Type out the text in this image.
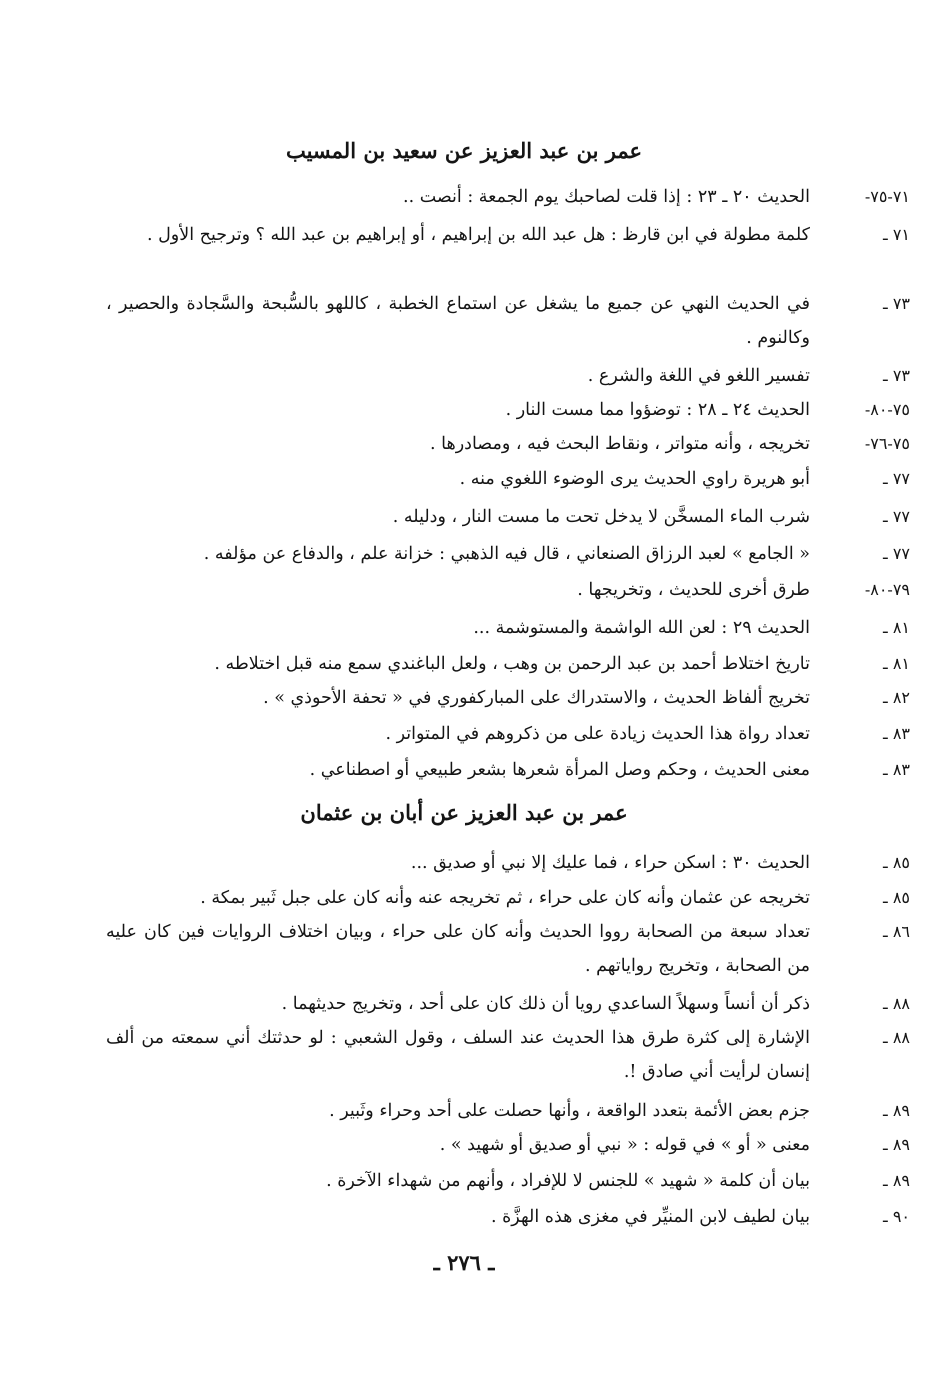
عمر بن عبد العزيز عن سعيد بن المسيب
عمر بن عبد العزيز عن أبان بن عثمان
٧١-٧٥-
الحديث ٢٠ ـ ٢٣ : إذا قلت لصاحبك يوم الجمعة : أنصت ..
٧١ ـ
كلمة مطولة في ابن قارظ : هل عبد الله بن إبراهيم ، أو إبراهيم بن عبد الله ؟ وترجيح الأول .
٧٣ ـ
في الحديث النهي عن جميع ما يشغل عن استماع الخطبة ، كاللهو بالسُّبحة والسَّجادة والحصير ، وكالنوم .
٧٣ ـ
تفسير اللغو في اللغة والشرع .
٧٥-٨٠-
الحديث ٢٤ ـ ٢٨ : توضؤوا مما مست النار .
٧٥-٧٦-
تخريجه ، وأنه متواتر ، ونقاط البحث فيه ، ومصادرها .
٧٧ ـ
أبو هريرة راوي الحديث يرى الوضوء اللغوي منه .
٧٧ ـ
شرب الماء المسخَّن لا يدخل تحت ما مست النار ، ودليله .
٧٧ ـ
« الجامع » لعبد الرزاق الصنعاني ، قال فيه الذهبي : خزانة علم ، والدفاع عن مؤلفه .
٧٩-٨٠-
طرق أخرى للحديث ، وتخريجها .
٨١ ـ
الحديث ٢٩ : لعن الله الواشمة والمستوشمة ...
٨١ ـ
تاريخ اختلاط أحمد بن عبد الرحمن بن وهب ، ولعل الباغندي سمع منه قبل اختلاطه .
٨٢ ـ
تخريج ألفاظ الحديث ، والاستدراك على المباركفوري في « تحفة الأحوذي » .
٨٣ ـ
تعداد رواة هذا الحديث زيادة على من ذكروهم في المتواتر .
٨٣ ـ
معنى الحديث ، وحكم وصل المرأة شعرها بشعر طبيعي أو اصطناعي .
٨٥ ـ
الحديث ٣٠ : اسكن حراء ، فما عليك إلا نبي أو صديق ...
٨٥ ـ
تخريجه عن عثمان وأنه كان على حراء ، ثم تخريجه عنه وأنه كان على جبل ثَبير بمكة .
٨٦ ـ
تعداد سبعة من الصحابة رووا الحديث وأنه كان على حراء ، وبيان اختلاف الروايات فين كان عليه من الصحابة ، وتخريج رواياتهم .
٨٨ ـ
ذكر أن أنساً وسهلاً الساعدي رويا أن ذلك كان على أحد ، وتخريج حديثهما .
٨٨ ـ
الإشارة إلى كثرة طرق هذا الحديث عند السلف ، وقول الشعبي : لو حدثتك أني سمعته من ألف إنسان لرأيت أني صادق !.
٨٩ ـ
جزم بعض الأئمة بتعدد الواقعة ، وأنها حصلت على أحد وحراء وثَبير .
٨٩ ـ
معنى « أو » في قوله : « نبي أو صديق أو شهيد » .
٨٩ ـ
بيان أن كلمة « شهيد » للجنس لا للإفراد ، وأنهم من شهداء الآخرة .
٩٠ ـ
بيان لطيف لابن المنيِّر في مغزى هذه الهزَّة .
ـ ٢٧٦ ـ
